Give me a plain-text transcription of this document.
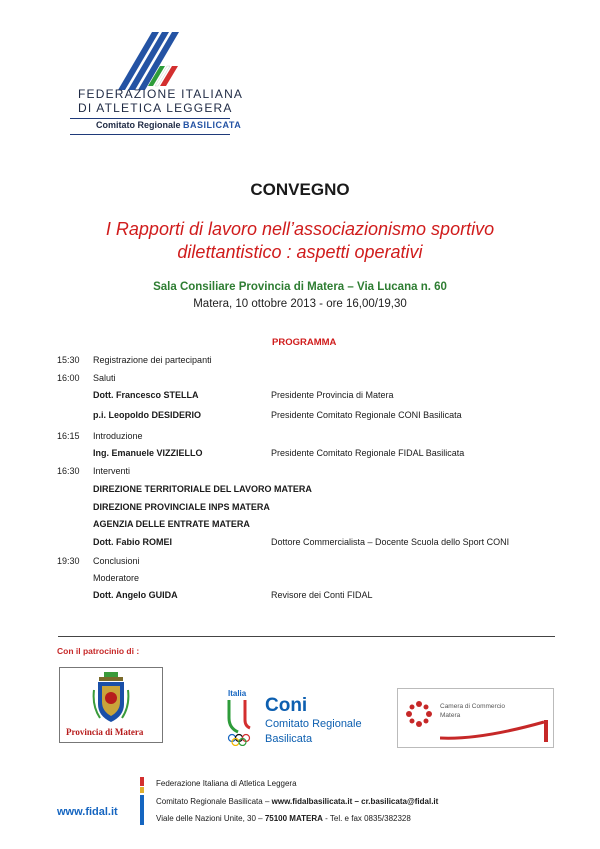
FEDERAZIONE ITALIANA
DI ATLETICA LEGGERA
Comitato Regionale BASILICATA
CONVEGNO
I Rapporti di lavoro nell’associazionismo sportivo
dilettantistico : aspetti operativi
Sala Consiliare Provincia di Matera – Via Lucana n. 60
Matera, 10 ottobre 2013 - ore 16,00/19,30
PROGRAMMA
15:30 Registrazione dei partecipanti
16:00 Saluti
Dott. Francesco STELLA	Presidente Provincia di Matera
p.i. Leopoldo DESIDERIO	Presidente Comitato Regionale CONI Basilicata
16:15 Introduzione
Ing. Emanuele VIZZIELLO	Presidente Comitato Regionale FIDAL Basilicata
16:30 Interventi
DIREZIONE TERRITORIALE DEL LAVORO MATERA
DIREZIONE PROVINCIALE INPS MATERA
AGENZIA DELLE ENTRATE MATERA
Dott. Fabio ROMEI	Dottore Commercialista – Docente Scuola dello Sport CONI
19:30 Conclusioni
Moderatore
Dott. Angelo GUIDA	Revisore dei Conti FIDAL
Con il patrocinio di :
Provincia di Matera
Italia
Coni
Comitato Regionale
Basilicata
Camera di Commercio
Matera
www.fidal.it
Federazione Italiana di Atletica Leggera
Comitato Regionale Basilicata – www.fidalbasilicata.it – cr.basilicata@fidal.it
Viale delle Nazioni Unite, 30 – 75100 MATERA - Tel. e fax 0835/382328
